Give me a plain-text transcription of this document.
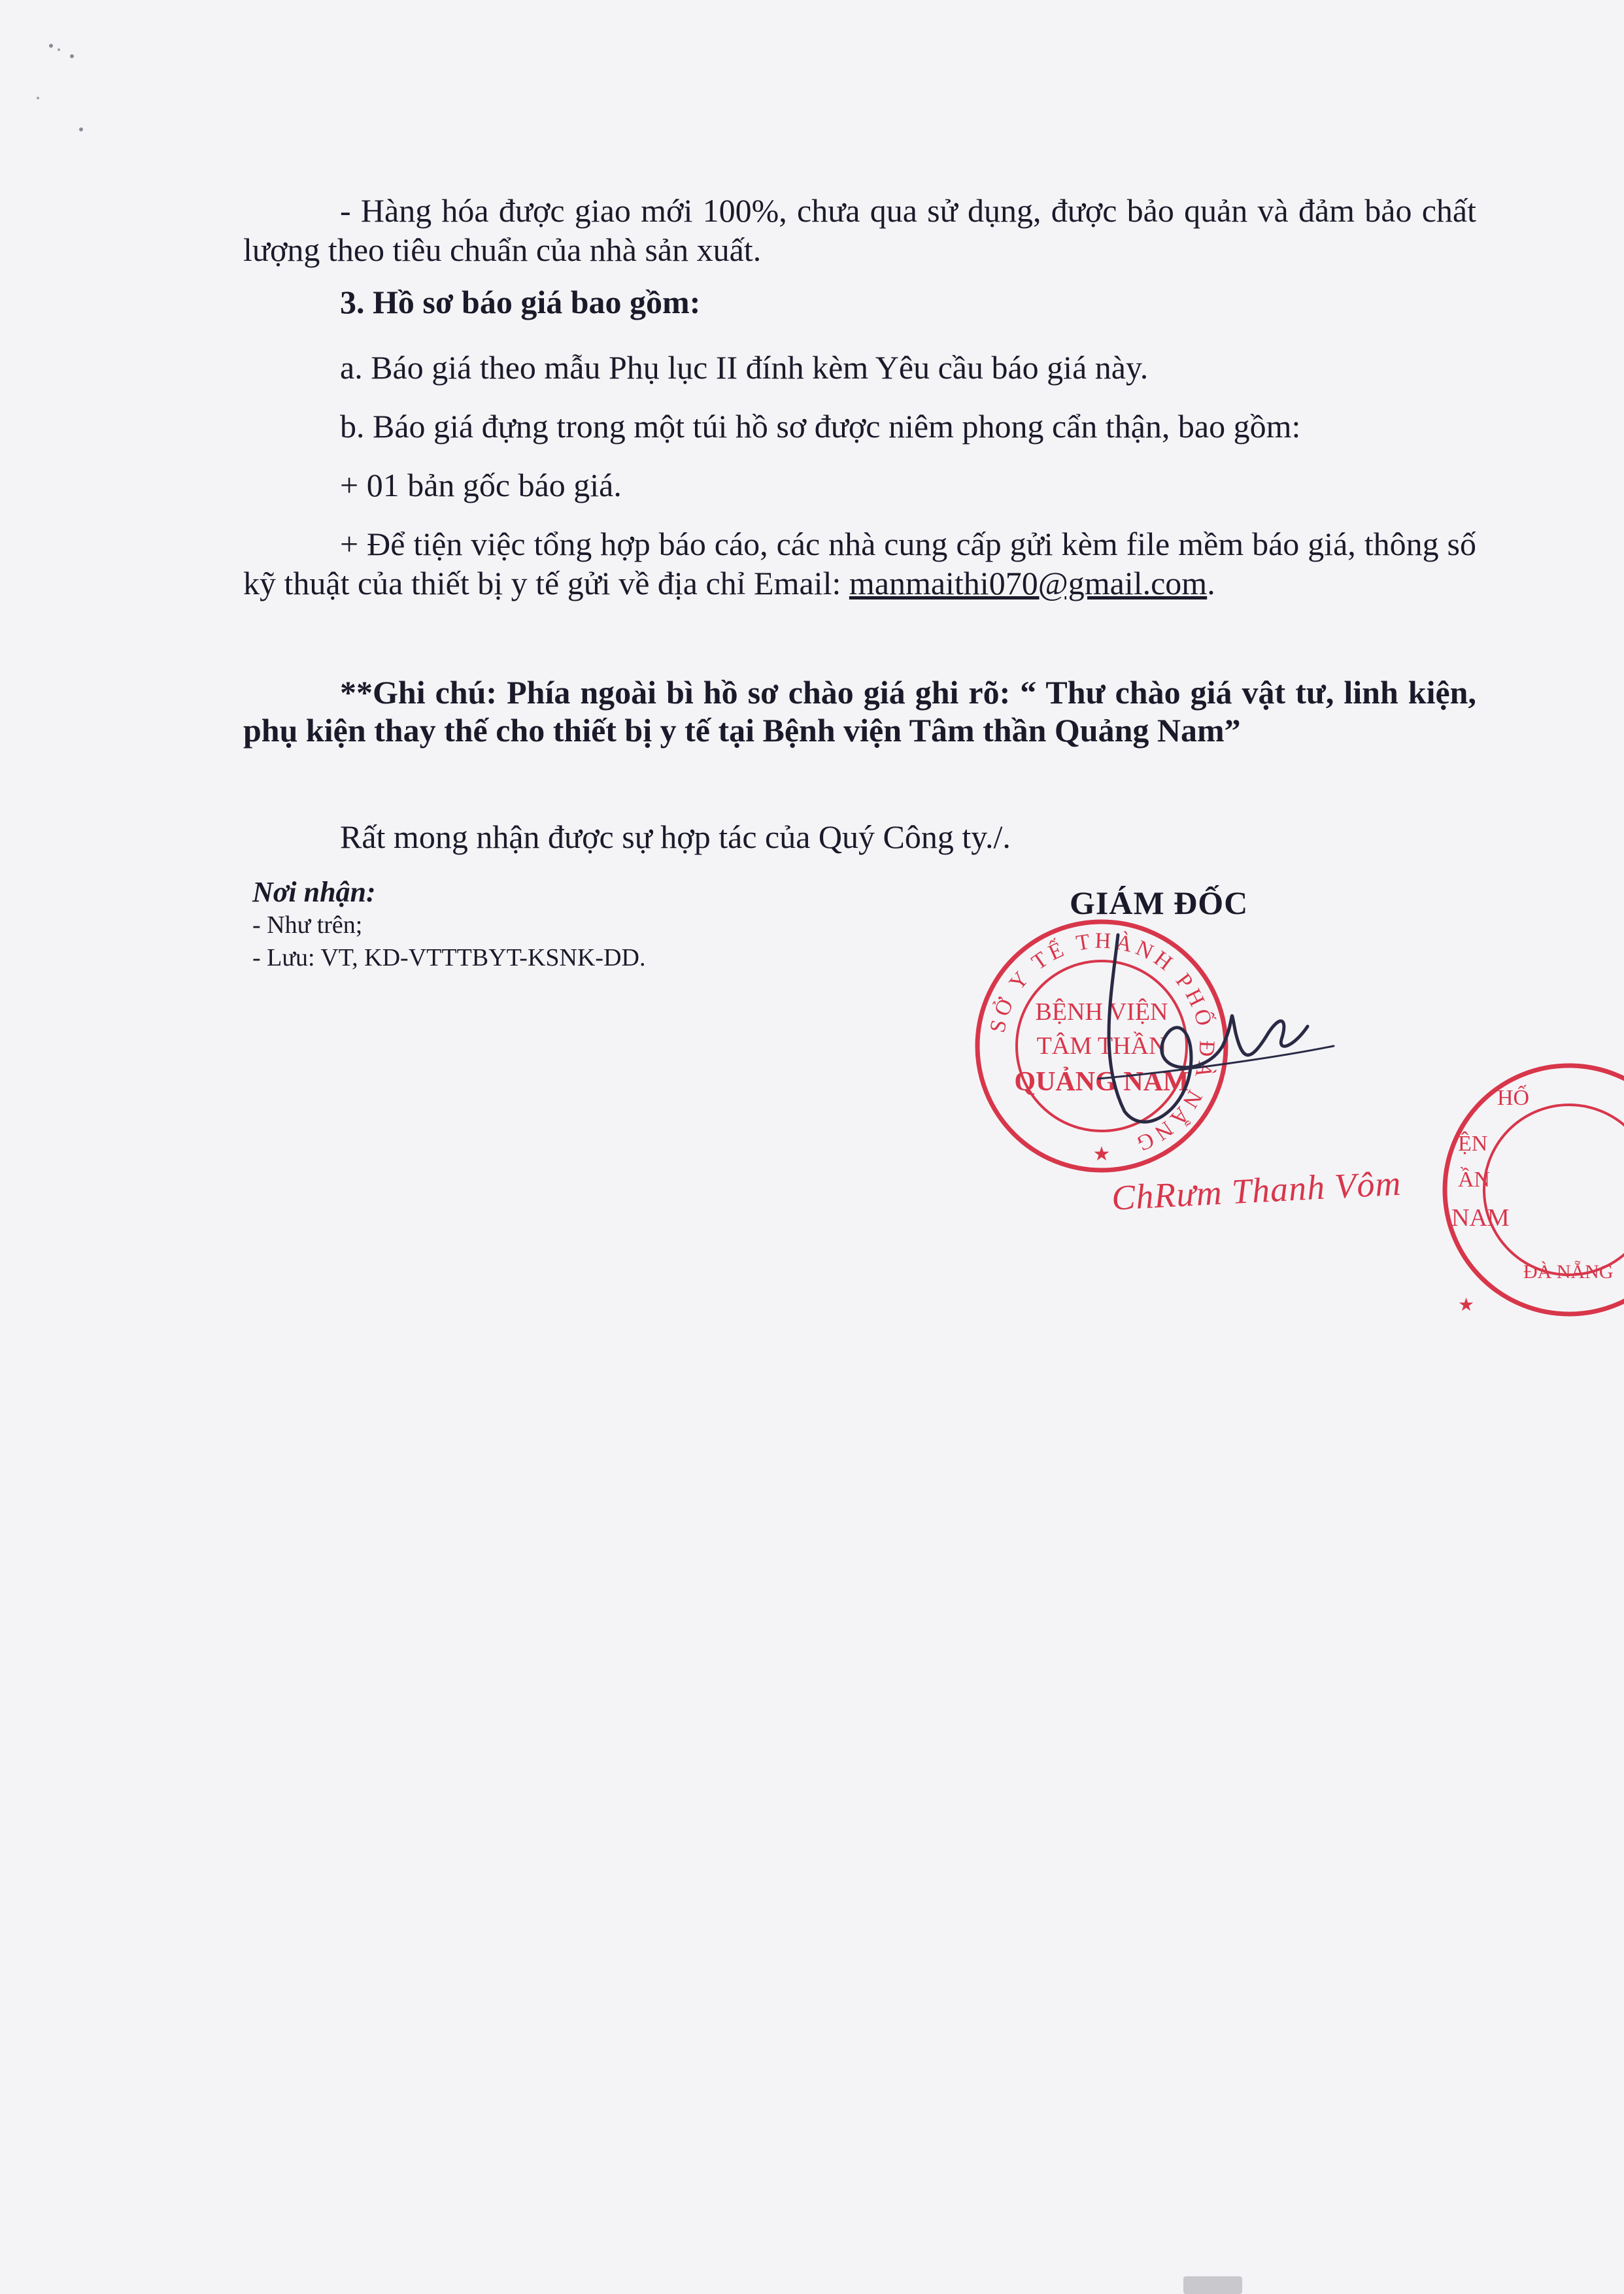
- Hàng hóa được giao mới 100%, chưa qua sử dụng, được bảo quản và đảm bảo chất lượng theo tiêu chuẩn của nhà sản xuất.

3. Hồ sơ báo giá bao gồm:

a. Báo giá theo mẫu Phụ lục II đính kèm Yêu cầu báo giá này.

b. Báo giá đựng trong một túi hồ sơ được niêm phong cẩn thận, bao gồm:

+ 01 bản gốc báo giá.

+ Để tiện việc tổng hợp báo cáo, các nhà cung cấp gửi kèm file mềm báo giá, thông số kỹ thuật của thiết bị y tế gửi về địa chỉ Email: manmaithi070@gmail.com.

**Ghi chú: Phía ngoài bì hồ sơ chào giá ghi rõ: “ Thư chào giá vật tư, linh kiện, phụ kiện thay thế cho thiết bị y tế tại Bệnh viện Tâm thần Quảng Nam”

Rất mong nhận được sự hợp tác của Quý Công ty./.

Nơi nhận:
- Như trên;
- Lưu: VT, KD-VTTTBYT-KSNK-DD.
GIÁM ĐỐC
SỞ Y TẾ THÀNH PHỐ ĐÀ NẴNG
BỆNH VIỆN
TÂM THẦN
QUẢNG NAM
★
HỐ
ỆN
ẦN
NAM
ĐÀ NẴNG
★
ChRưm Thanh Vôm
